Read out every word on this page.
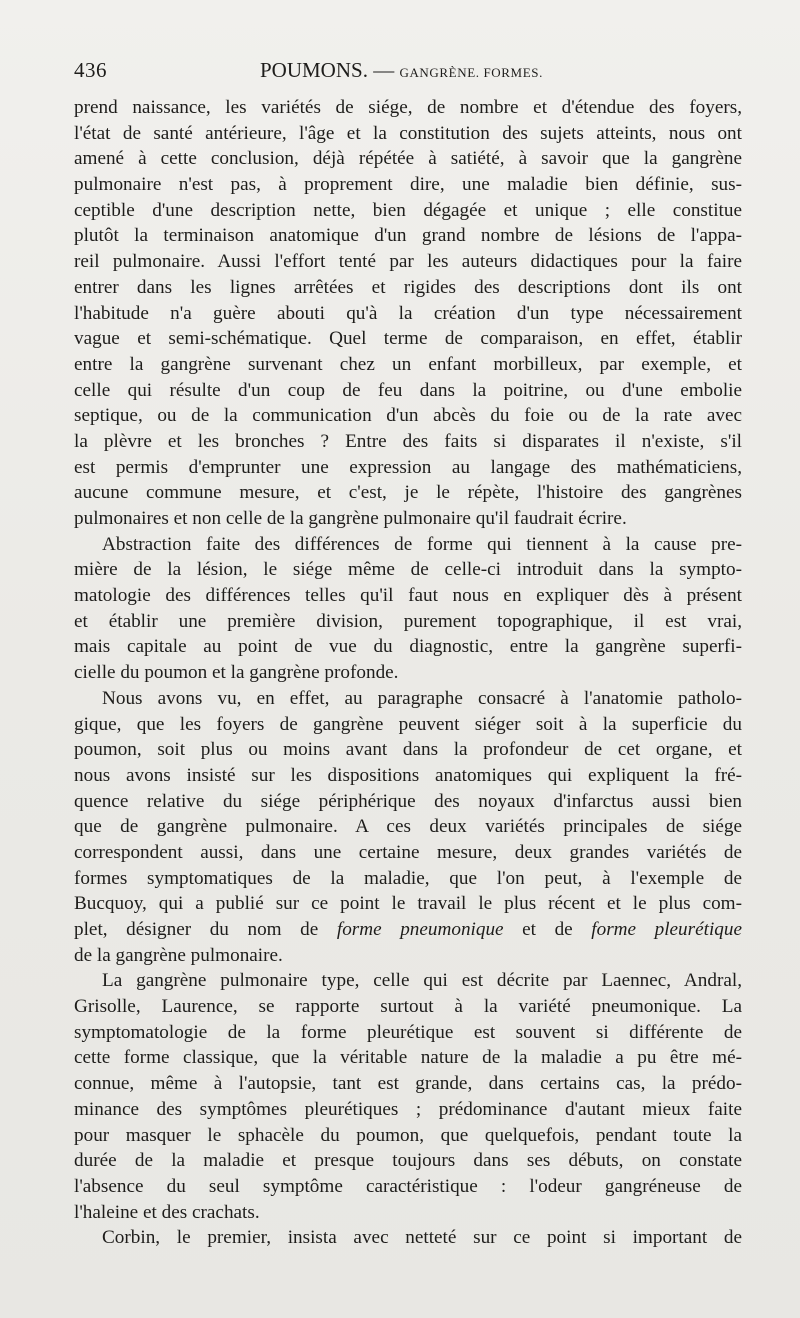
436	POUMONS. — GANGRÈNE. FORMES.
prend naissance, les variétés de siége, de nombre et d'étendue des foyers,
l'état de santé antérieure, l'âge et la constitution des sujets atteints, nous ont
amené à cette conclusion, déjà répétée à satiété, à savoir que la gangrène
pulmonaire n'est pas, à proprement dire, une maladie bien définie, sus-
ceptible d'une description nette, bien dégagée et unique ; elle constitue
plutôt la terminaison anatomique d'un grand nombre de lésions de l'appa-
reil pulmonaire. Aussi l'effort tenté par les auteurs didactiques pour la faire
entrer dans les lignes arrêtées et rigides des descriptions dont ils ont
l'habitude n'a guère abouti qu'à la création d'un type nécessairement
vague et semi-schématique. Quel terme de comparaison, en effet, établir
entre la gangrène survenant chez un enfant morbilleux, par exemple, et
celle qui résulte d'un coup de feu dans la poitrine, ou d'une embolie
septique, ou de la communication d'un abcès du foie ou de la rate avec
la plèvre et les bronches ? Entre des faits si disparates il n'existe, s'il
est permis d'emprunter une expression au langage des mathématiciens,
aucune commune mesure, et c'est, je le répète, l'histoire des gangrènes
pulmonaires et non celle de la gangrène pulmonaire qu'il faudrait écrire.
Abstraction faite des différences de forme qui tiennent à la cause pre-
mière de la lésion, le siége même de celle-ci introduit dans la sympto-
matologie des différences telles qu'il faut nous en expliquer dès à présent
et établir une première division, purement topographique, il est vrai,
mais capitale au point de vue du diagnostic, entre la gangrène superfi-
cielle du poumon et la gangrène profonde.
Nous avons vu, en effet, au paragraphe consacré à l'anatomie patholo-
gique, que les foyers de gangrène peuvent siéger soit à la superficie du
poumon, soit plus ou moins avant dans la profondeur de cet organe, et
nous avons insisté sur les dispositions anatomiques qui expliquent la fré-
quence relative du siége périphérique des noyaux d'infarctus aussi bien
que de gangrène pulmonaire. A ces deux variétés principales de siége
correspondent aussi, dans une certaine mesure, deux grandes variétés de
formes symptomatiques de la maladie, que l'on peut, à l'exemple de
Bucquoy, qui a publié sur ce point le travail le plus récent et le plus com-
plet, désigner du nom de forme pneumonique et de forme pleurétique
de la gangrène pulmonaire.
La gangrène pulmonaire type, celle qui est décrite par Laennec, Andral,
Grisolle, Laurence, se rapporte surtout à la variété pneumonique. La
symptomatologie de la forme pleurétique est souvent si différente de
cette forme classique, que la véritable nature de la maladie a pu être mé-
connue, même à l'autopsie, tant est grande, dans certains cas, la prédo-
minance des symptômes pleurétiques ; prédominance d'autant mieux faite
pour masquer le sphacèle du poumon, que quelquefois, pendant toute la
durée de la maladie et presque toujours dans ses débuts, on constate
l'absence du seul symptôme caractéristique : l'odeur gangréneuse de
l'haleine et des crachats.
Corbin, le premier, insista avec netteté sur ce point si important de
